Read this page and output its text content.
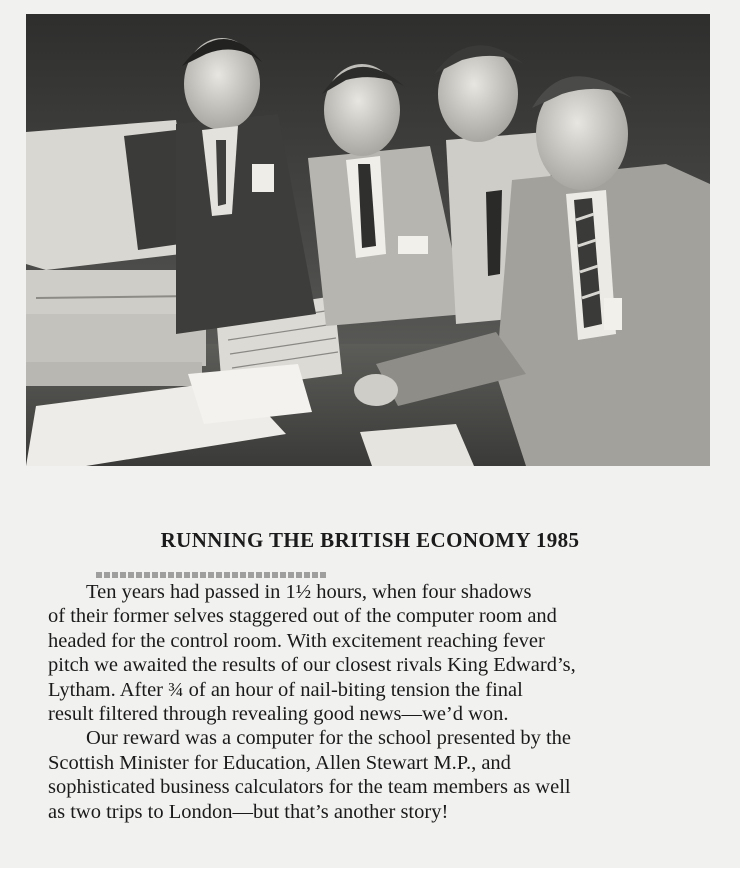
RUNNING THE BRITISH ECONOMY 1985

Ten years had passed in 1½ hours, when four shadows
of their former selves staggered out of the computer room and
headed for the control room. With excitement reaching fever
pitch we awaited the results of our closest rivals King Edward’s,
Lytham. After ¾ of an hour of nail-biting tension the final
result filtered through revealing good news—we’d won.

Our reward was a computer for the school presented by the
Scottish Minister for Education, Allen Stewart M.P., and
sophisticated business calculators for the team members as well
as two trips to London—but that’s another story!
